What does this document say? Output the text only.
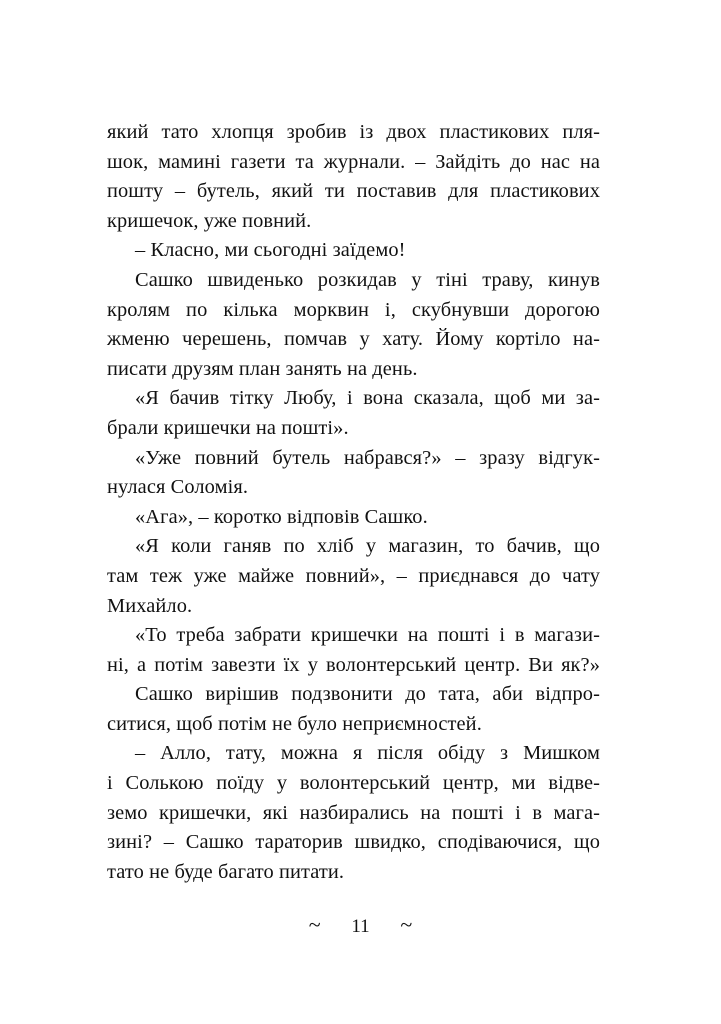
який тато хлопця зробив із двох пластикових пля-
шок, мамині газети та журнали. – Зайдіть до нас на
пошту – бутель, який ти поставив для пластикових
кришечок, уже повний.
– Класно, ми сьогодні заїдемо!
Сашко швиденько розкидав у тіні траву, кинув
кролям по кілька морквин і, скубнувши дорогою
жменю черешень, помчав у хату. Йому кортіло на-
писати друзям план занять на день.
«Я бачив тітку Любу, і вона сказала, щоб ми за-
брали кришечки на пошті».
«Уже повний бутель набрався?» – зразу відгук-
нулася Соломія.
«Ага», – коротко відповів Сашко.
«Я коли ганяв по хліб у магазин, то бачив, що
там теж уже майже повний», – приєднався до чату
Михайло.
«То треба забрати кришечки на пошті і в магази-
ні, а потім завезти їх у волонтерський центр. Ви як?»
Сашко вирішив подзвонити до тата, аби відпро-
ситися, щоб потім не було неприємностей.
– Алло, тату, можна я після обіду з Мишком
і Солькою поїду у волонтерський центр, ми відве-
земо кришечки, які назбирались на пошті і в мага-
зині? – Сашко тараторив швидко, сподіваючися, що
тато не буде багато питати.
~ 11 ~
